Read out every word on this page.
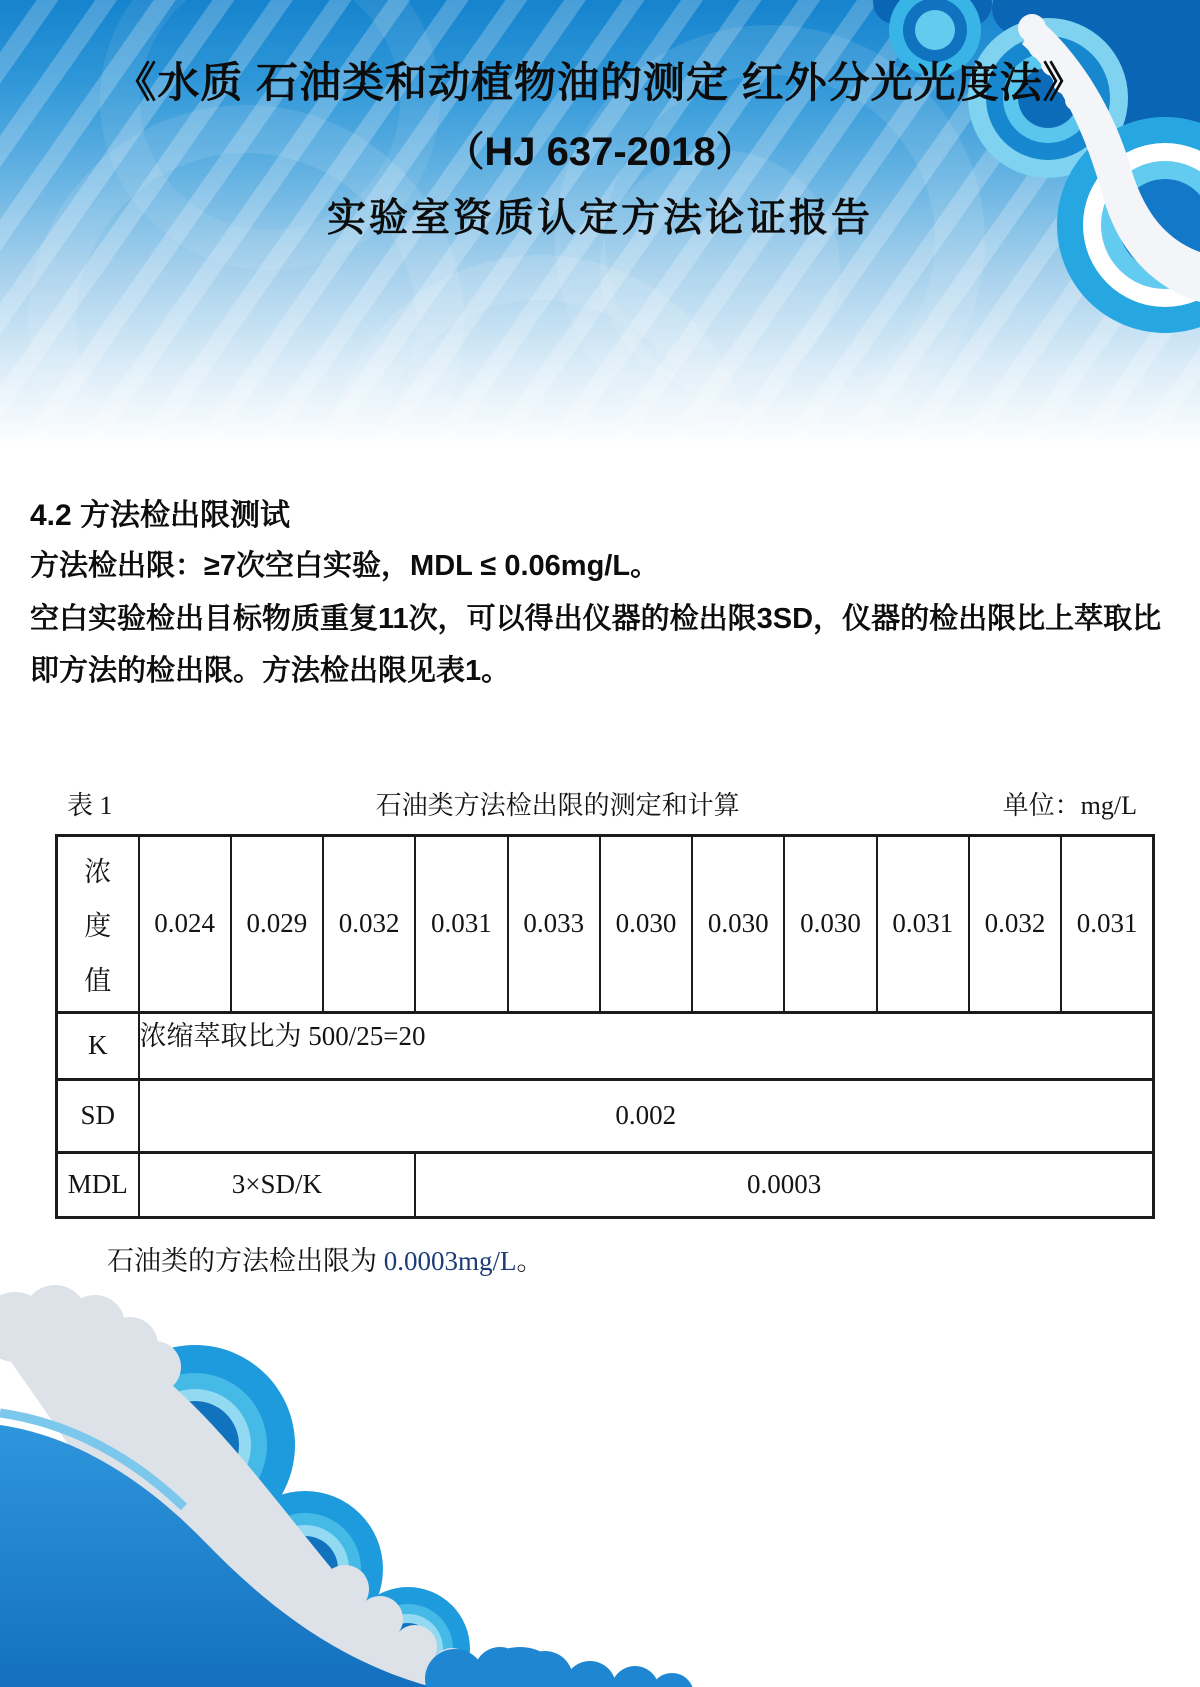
《水质 石油类和动植物油的测定 红外分光光度法》
（HJ 637-2018）
实验室资质认定方法论证报告
4.2 方法检出限测试
方法检出限：≥7次空白实验，MDL ≤ 0.06mg/L。
空白实验检出目标物质重复11次，可以得出仪器的检出限3SD，仪器的检出限比上萃取比即方法的检出限。方法检出限见表1。
表 1	石油类方法检出限的测定和计算	单位：mg/L
浓
度
值	0.024	0.029	0.032	0.031	0.033	0.030	0.030	0.030	0.031	0.032	0.031
K	浓缩萃取比为 500/25=20										
SD	0.002										
MDL	3×SD/K			0.0003							
石油类的方法检出限为 0.0003mg/L。
